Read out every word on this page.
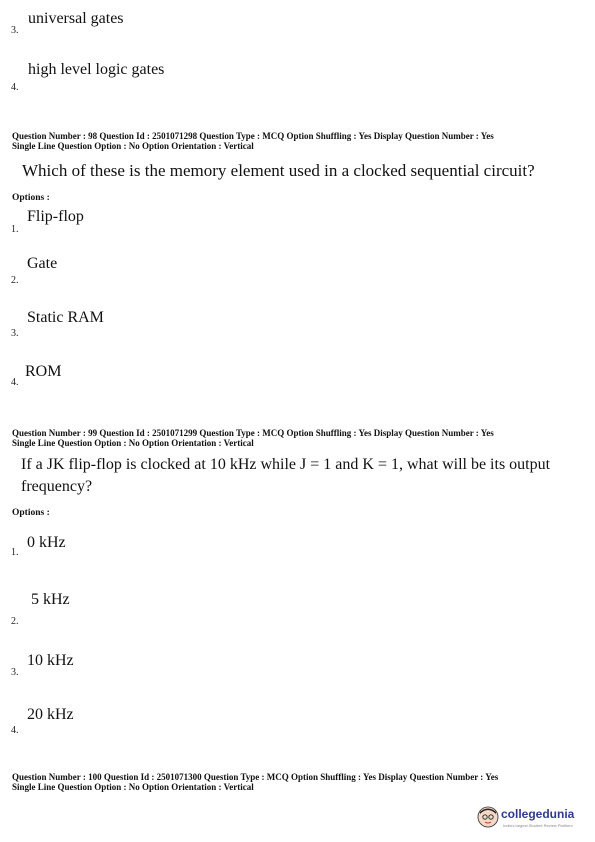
universal gates
3.
high level logic gates
4.
Question Number : 98 Question Id : 2501071298 Question Type : MCQ Option Shuffling : Yes Display Question Number : Yes
Single Line Question Option : No Option Orientation : Vertical
Which of these is the memory element used in a clocked sequential circuit?
Options :
Flip-flop
1.
Gate
2.
Static RAM
3.
ROM
4.
Question Number : 99 Question Id : 2501071299 Question Type : MCQ Option Shuffling : Yes Display Question Number : Yes
Single Line Question Option : No Option Orientation : Vertical
If a JK flip-flop is clocked at 10 kHz while J = 1 and K = 1, what will be its output
frequency?
Options :
0 kHz
1.
5 kHz
2.
10 kHz
3.
20 kHz
4.
Question Number : 100 Question Id : 2501071300 Question Type : MCQ Option Shuffling : Yes Display Question Number : Yes
Single Line Question Option : No Option Orientation : Vertical
collegedunia
India's largest Student Review Platform
